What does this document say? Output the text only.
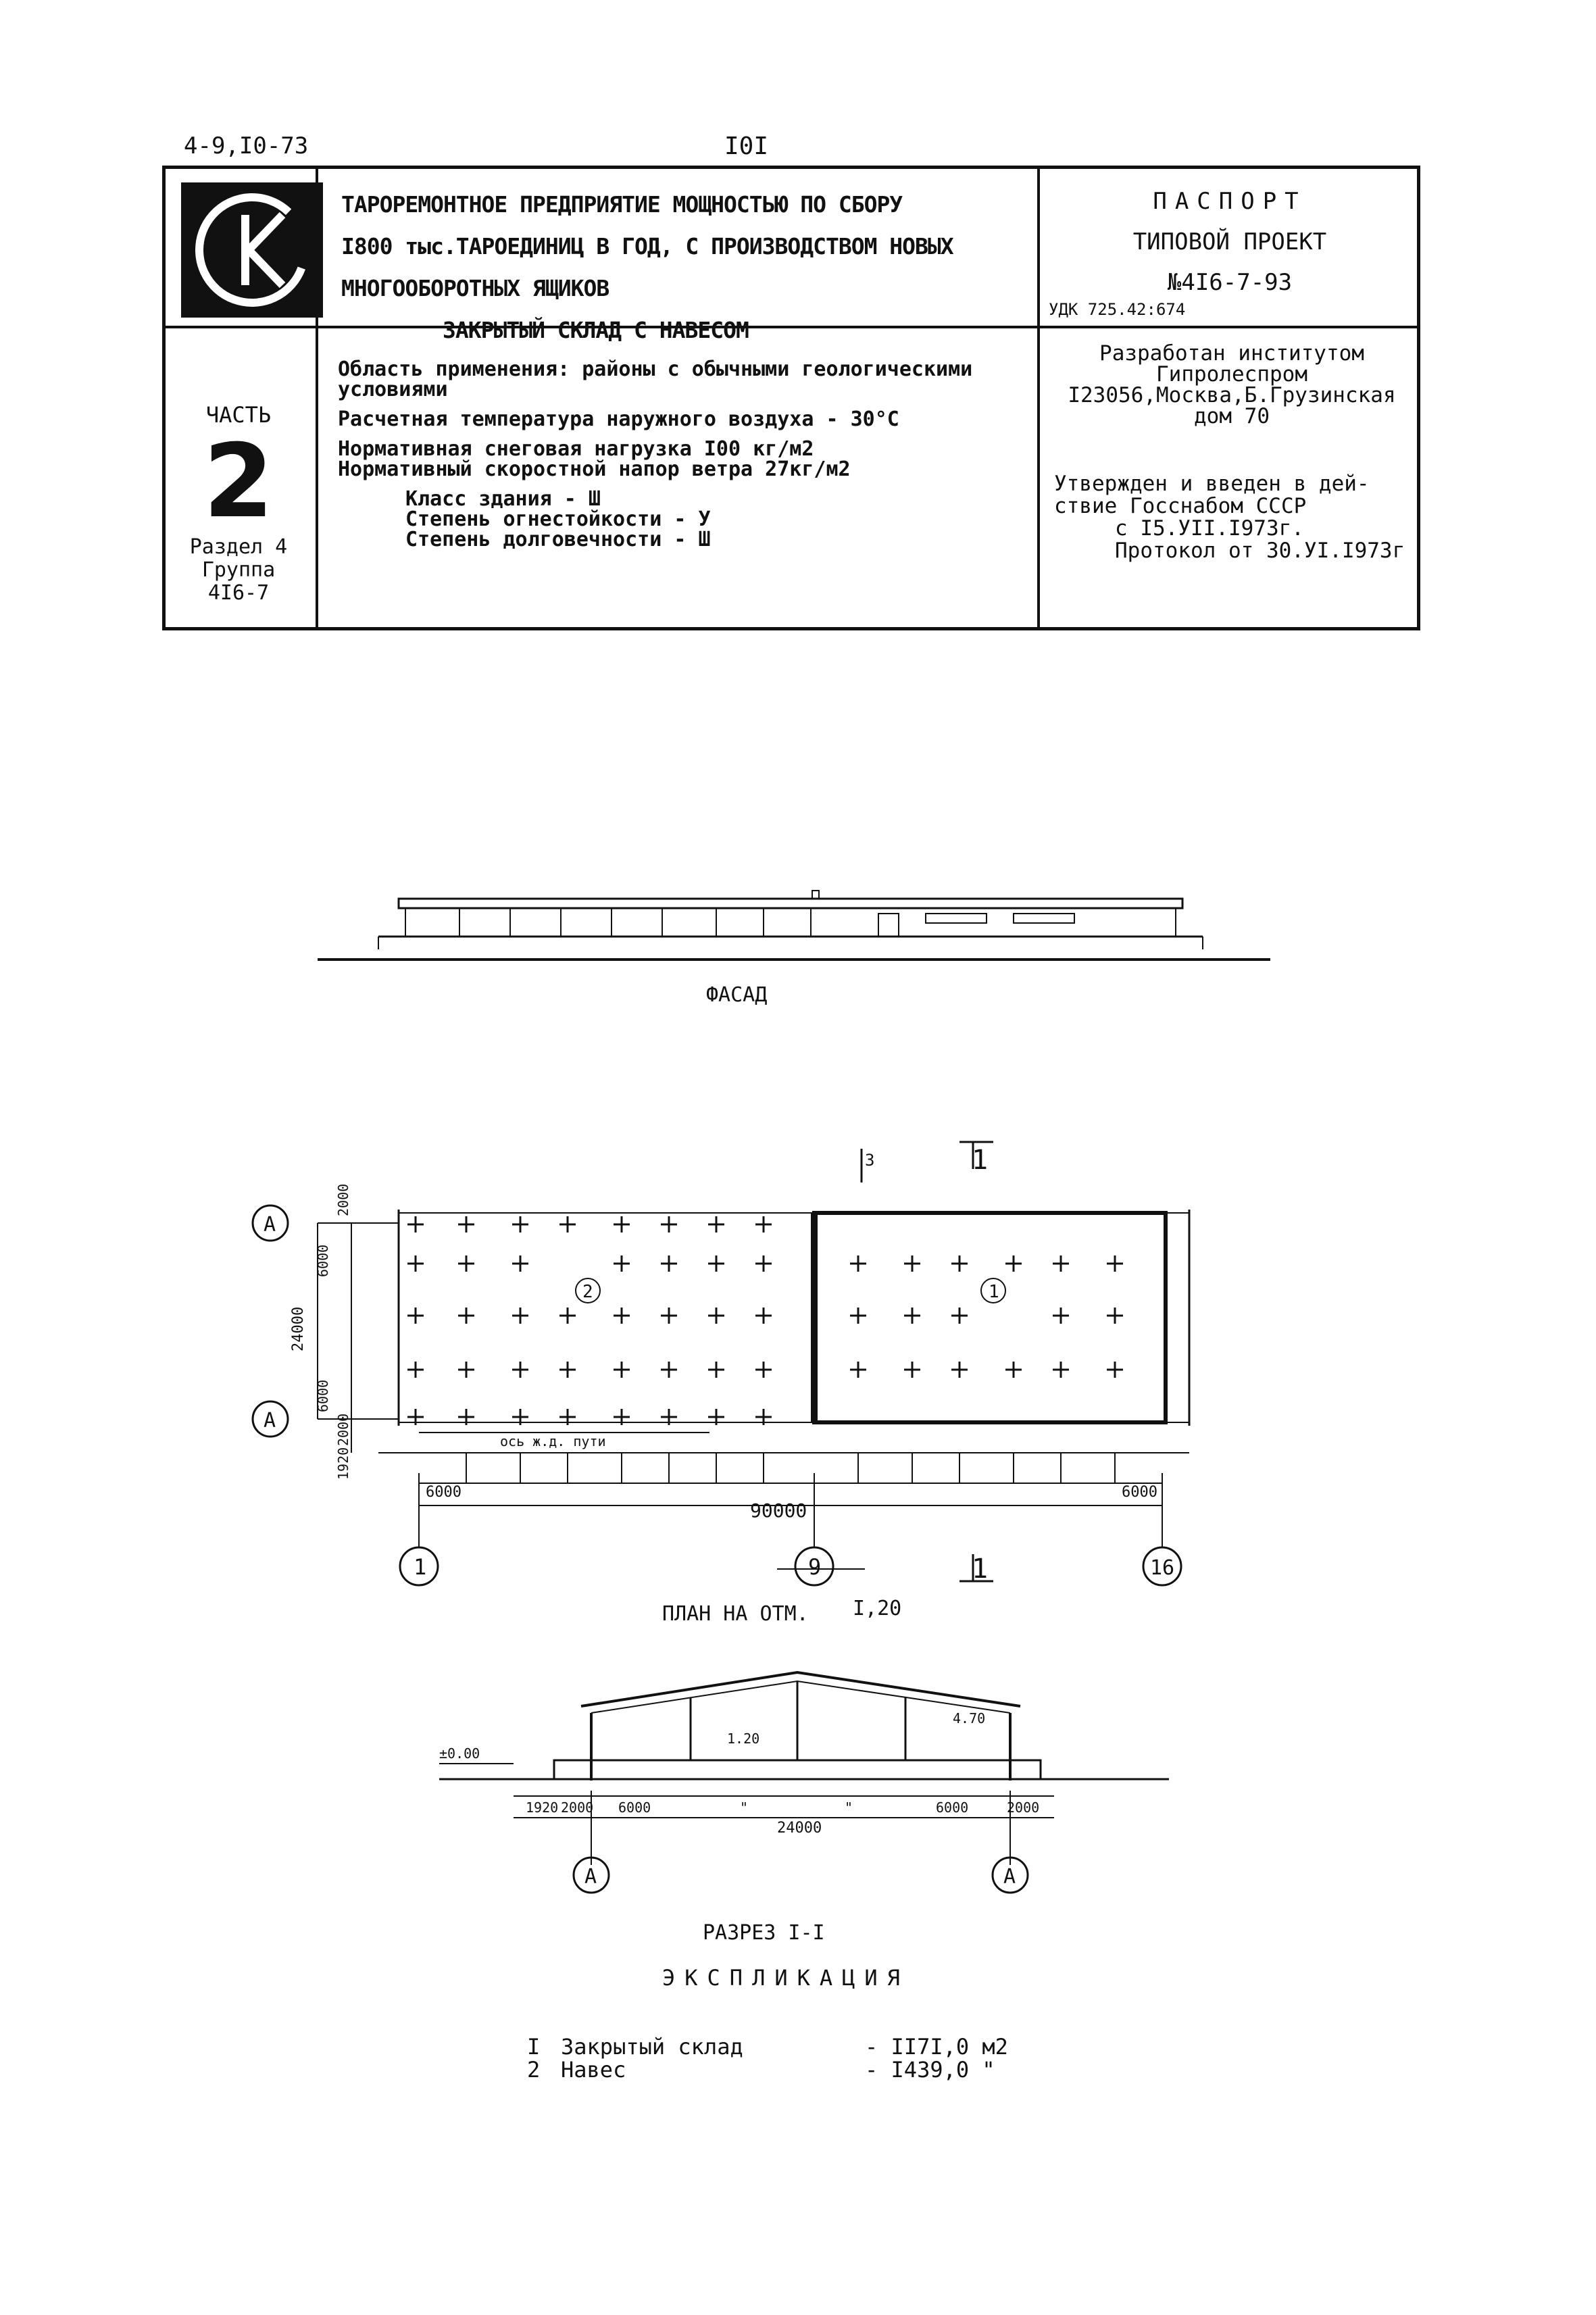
4-9,I0-73	I0I
ТАРОРЕМОНТНОЕ ПРЕДПРИЯТИЕ МОЩНОСТЬЮ ПО СБОРУ
I800 тыс.ТАРОЕДИНИЦ В ГОД, С ПРОИЗВОДСТВОМ НОВЫХ
МНОГООБОРОТНЫХ ЯЩИКОВ
ЗАКРЫТЫЙ СКЛАД С НАВЕСОМ
ПАСПОРТ
ТИПОВОЙ ПРОЕКТ
№4I6-7-93
УДК 725.42:674
ЧАСТЬ
2
Раздел 4
Группа
4I6-7
Область применения: районы с обычными геологическими
условиями
Расчетная температура наружного воздуха - 30°С
Нормативная снеговая нагрузка I00 кг/м2
Нормативный скоростной напор ветра 27кг/м2
Класс здания - Ш
Степень огнестойкости - У
Степень долговечности - Ш
Разработан институтом
Гипролеспром
I23056,Москва,Б.Грузинская
дом 70
Утвержден и введен в дей-
ствие Госснабом СССР
с I5.УII.I973г.
Протокол от 30.УI.I973г
ФАСАД
А
А
1	9	16
2	1
90000
6000	6000
ось ж.д. пути
1
1
3
24000
6000
6000
2000
2000
1920
ПЛАН НА ОТМ. I,20
±0.00
1.20
4.70
1920 2000 6000	"	"	6000	2000
24000
А	А
РАЗРЕЗ I-I
ЭКСПЛИКАЦИЯ
I Закрытый склад	- II7I,0 м2
2 Навес	- I439,0 "
